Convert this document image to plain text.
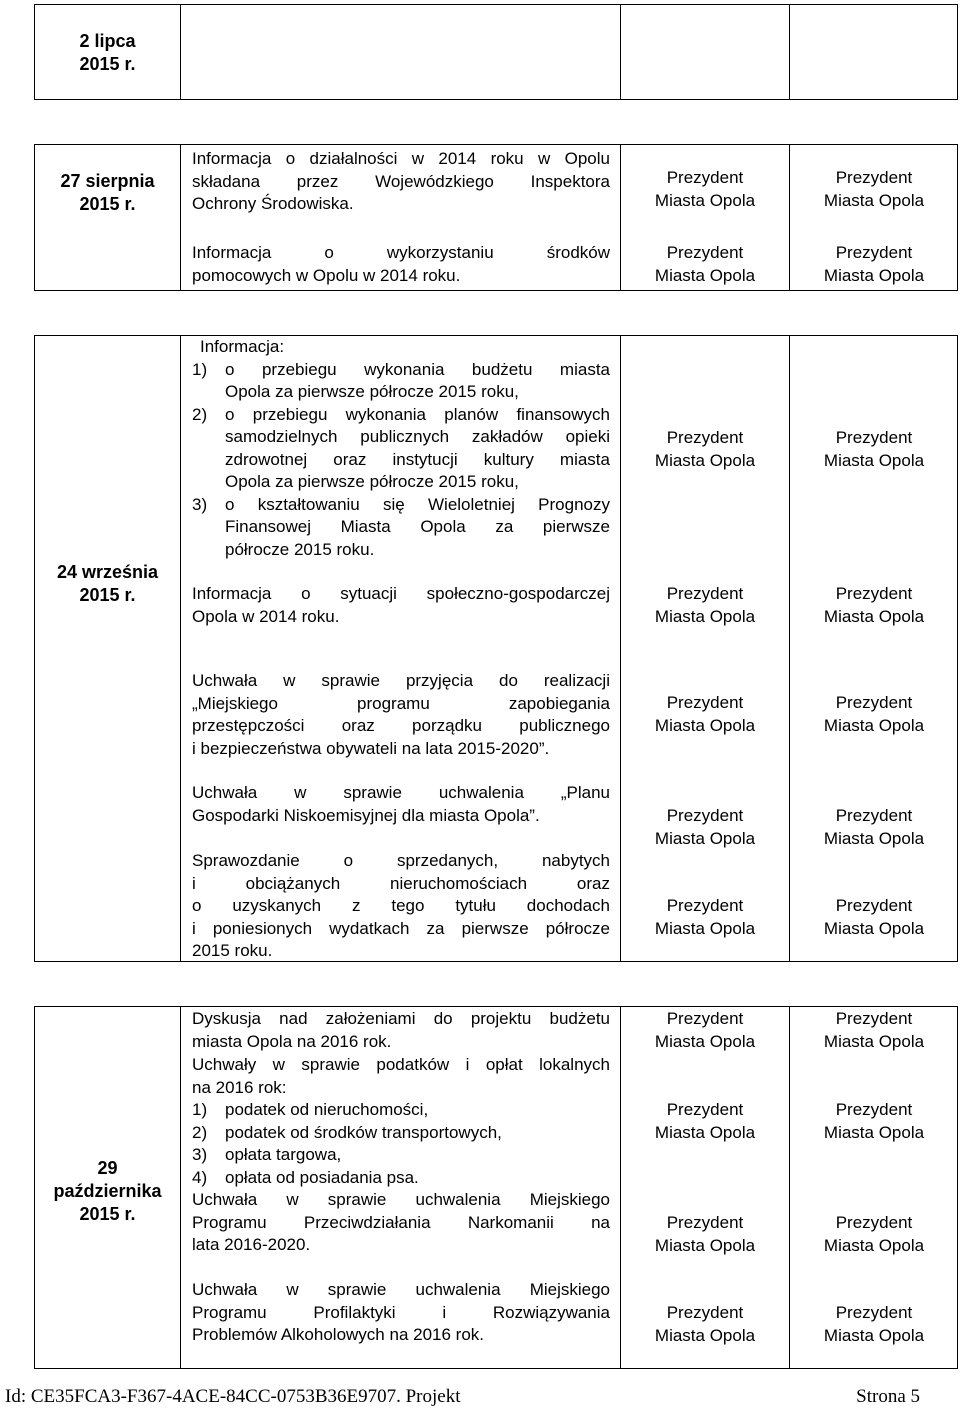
2 lipca
2015 r.
27 sierpnia
2015 r.
Informacja o działalności w 2014 roku w Opolu
składana przez Wojewódzkiego Inspektora
Ochrony Środowiska.
Prezydent
Miasta Opola
Prezydent
Miasta Opola
Informacja o wykorzystaniu środków
pomocowych w Opolu w 2014 roku.
Prezydent
Miasta Opola
Prezydent
Miasta Opola
24 września
2015 r.
Informacja:
1) o przebiegu wykonania budżetu miasta
Opola za pierwsze półrocze 2015 roku,
2) o przebiegu wykonania planów finansowych
samodzielnych publicznych zakładów opieki
zdrowotnej oraz instytucji kultury miasta
Opola za pierwsze półrocze 2015 roku,
3) o kształtowaniu się Wieloletniej Prognozy
Finansowej Miasta Opola za pierwsze
półrocze 2015 roku.
Prezydent
Miasta Opola
Prezydent
Miasta Opola
Informacja o sytuacji społeczno-gospodarczej
Opola w 2014 roku.
Prezydent
Miasta Opola
Prezydent
Miasta Opola
Uchwała w sprawie przyjęcia do realizacji
„Miejskiego programu zapobiegania
przestępczości oraz porządku publicznego
i bezpieczeństwa obywateli na lata 2015-2020”.
Prezydent
Miasta Opola
Prezydent
Miasta Opola
Uchwała w sprawie uchwalenia „Planu
Gospodarki Niskoemisyjnej dla miasta Opola”.	Prezydent
Miasta Opola
Prezydent
Miasta Opola
Sprawozdanie o sprzedanych, nabytych
i obciążanych nieruchomościach oraz
o uzyskanych z tego tytułu dochodach
i poniesionych wydatkach za pierwsze półrocze
2015 roku.
Prezydent
Miasta Opola
Prezydent
Miasta Opola
29
października
2015 r.
Dyskusja nad założeniami do projektu budżetu
miasta Opola na 2016 rok.
Prezydent
Miasta Opola
Prezydent
Miasta Opola
Uchwały w sprawie podatków i opłat lokalnych
na 2016 rok:
1) podatek od nieruchomości,
2) podatek od środków transportowych,
3) opłata targowa,
4) opłata od posiadania psa.
Prezydent
Miasta Opola
Prezydent
Miasta Opola
Uchwała w sprawie uchwalenia Miejskiego
Programu Przeciwdziałania Narkomanii na
lata 2016-2020.
Prezydent
Miasta Opola
Prezydent
Miasta Opola
Uchwała w sprawie uchwalenia Miejskiego
Programu Profilaktyki i Rozwiązywania
Problemów Alkoholowych na 2016 rok.
Prezydent
Miasta Opola
Prezydent
Miasta Opola
Id: CE35FCA3-F367-4ACE-84CC-0753B36E9707. Projekt	Strona 5
